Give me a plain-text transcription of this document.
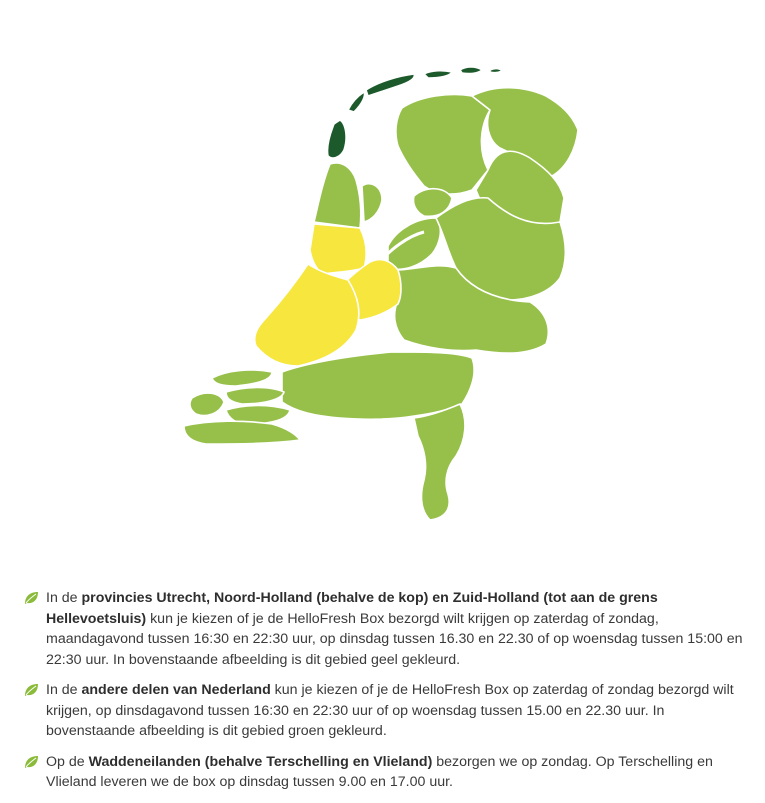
In de provincies Utrecht, Noord-Holland (behalve de kop) en Zuid-Holland (tot aan de grens Hellevoetsluis) kun je kiezen of je de HelloFresh Box bezorgd wilt krijgen op zaterdag of zondag, maandagavond tussen 16:30 en 22:30 uur, op dinsdag tussen 16.30 en 22.30 of op woensdag tussen 15:00 en 22:30 uur. In bovenstaande afbeelding is dit gebied geel gekleurd.
In de andere delen van Nederland kun je kiezen of je de HelloFresh Box op zaterdag of zondag bezorgd wilt krijgen, op dinsdagavond tussen 16:30 en 22:30 uur of op woensdag tussen 15.00 en 22.30 uur. In bovenstaande afbeelding is dit gebied groen gekleurd.
Op de Waddeneilanden (behalve Terschelling en Vlieland) bezorgen we op zondag. Op Terschelling en Vlieland leveren we de box op dinsdag tussen 9.00 en 17.00 uur.
